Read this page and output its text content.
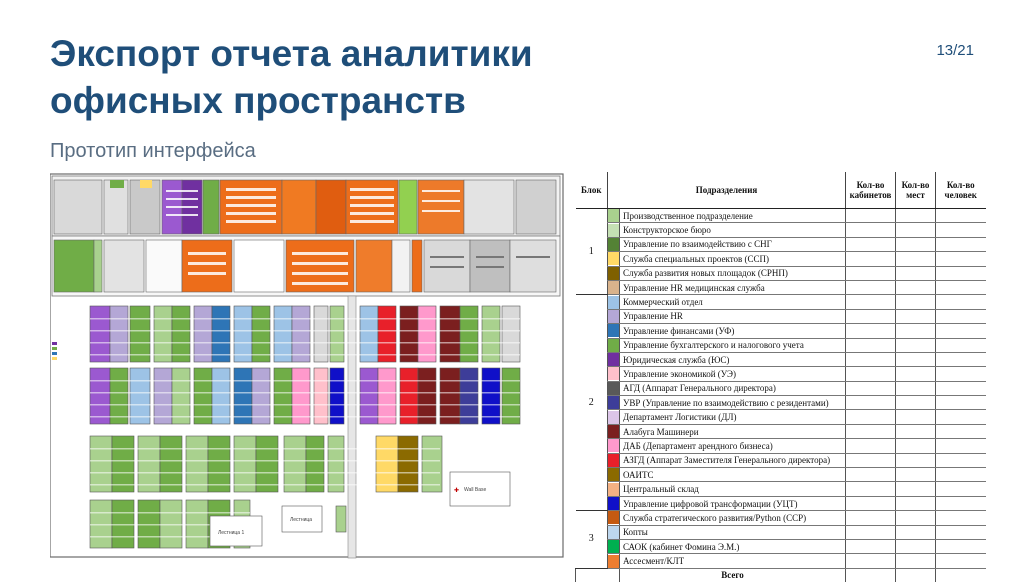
Экспорт отчета аналитики
офисных пространств
13/21
Прототип интерфейса
✚ Wall Base
Лестница 1
Лестница
Блок	Подразделения		Кол-во кабинетов	Кол-во мест	Кол-во человек
1		Производственное подразделение			

		Конструкторское бюро			

		Управление по взаимодействию с СНГ			

		Служба специальных проектов (ССП)			

		Служба развития новых площадок (СРНП)			

		Управление HR медицинская служба			
2		Коммерческий отдел			

		Управление HR			

		Управление финансами (УФ)			

		Управление бухгалтерского и налогового учета			

		Юридическая служба (ЮС)			

		Управление экономикой (УЭ)			

		АГД (Аппарат Генерального директора)			

		УВР (Управление по взаимодействию с резидентами)			

		Департамент Логистики (ДЛ)			

		Алабуга Машинери			

		ДАБ (Департамент арендного бизнеса)			

		АЗГД (Аппарат Заместителя Генерального директора)			

		ОАИТС			

		Центральный склад			

		Управление цифровой трансформации (УЦТ)			
3		Служба стратегического развития/Python (ССР)			

		Копты			

		САОК (кабинет Фомина Э.М.)			

		Ассесмент/КЛТ			
		Всего			
